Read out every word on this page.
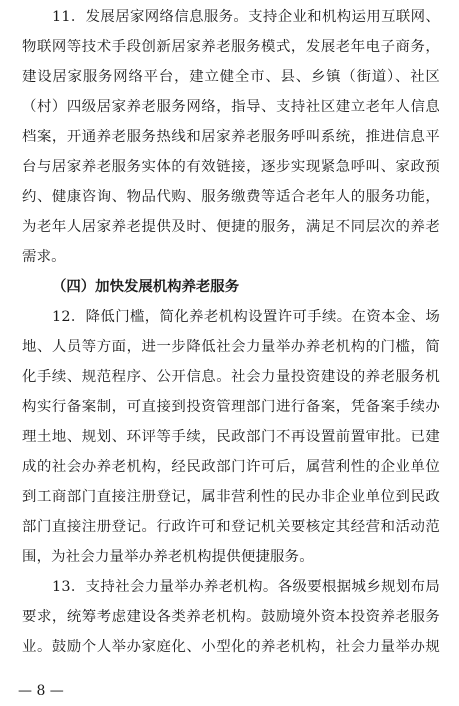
11．发展居家网络信息服务。支持企业和机构运用互联网、
物联网等技术手段创新居家养老服务模式，发展老年电子商务，
建设居家服务网络平台，建立健全市、县、乡镇（街道）、社区
（村）四级居家养老服务网络，指导、支持社区建立老年人信息
档案，开通养老服务热线和居家养老服务呼叫系统，推进信息平
台与居家养老服务实体的有效链接，逐步实现紧急呼叫、家政预
约、健康咨询、物品代购、服务缴费等适合老年人的服务功能，
为老年人居家养老提供及时、便捷的服务，满足不同层次的养老
需求。
（四）加快发展机构养老服务
12．降低门槛，简化养老机构设置许可手续。在资本金、场
地、人员等方面，进一步降低社会力量举办养老机构的门槛，简
化手续、规范程序、公开信息。社会力量投资建设的养老服务机
构实行备案制，可直接到投资管理部门进行备案，凭备案手续办
理土地、规划、环评等手续，民政部门不再设置前置审批。已建
成的社会办养老机构，经民政部门许可后，属营利性的企业单位
到工商部门直接注册登记，属非营利性的民办非企业单位到民政
部门直接注册登记。行政许可和登记机关要核定其经营和活动范
围，为社会力量举办养老机构提供便捷服务。
13．支持社会力量举办养老机构。各级要根据城乡规划布局
要求，统筹考虑建设各类养老机构。鼓励境外资本投资养老服务
业。鼓励个人举办家庭化、小型化的养老机构，社会力量举办规
— 8 —
